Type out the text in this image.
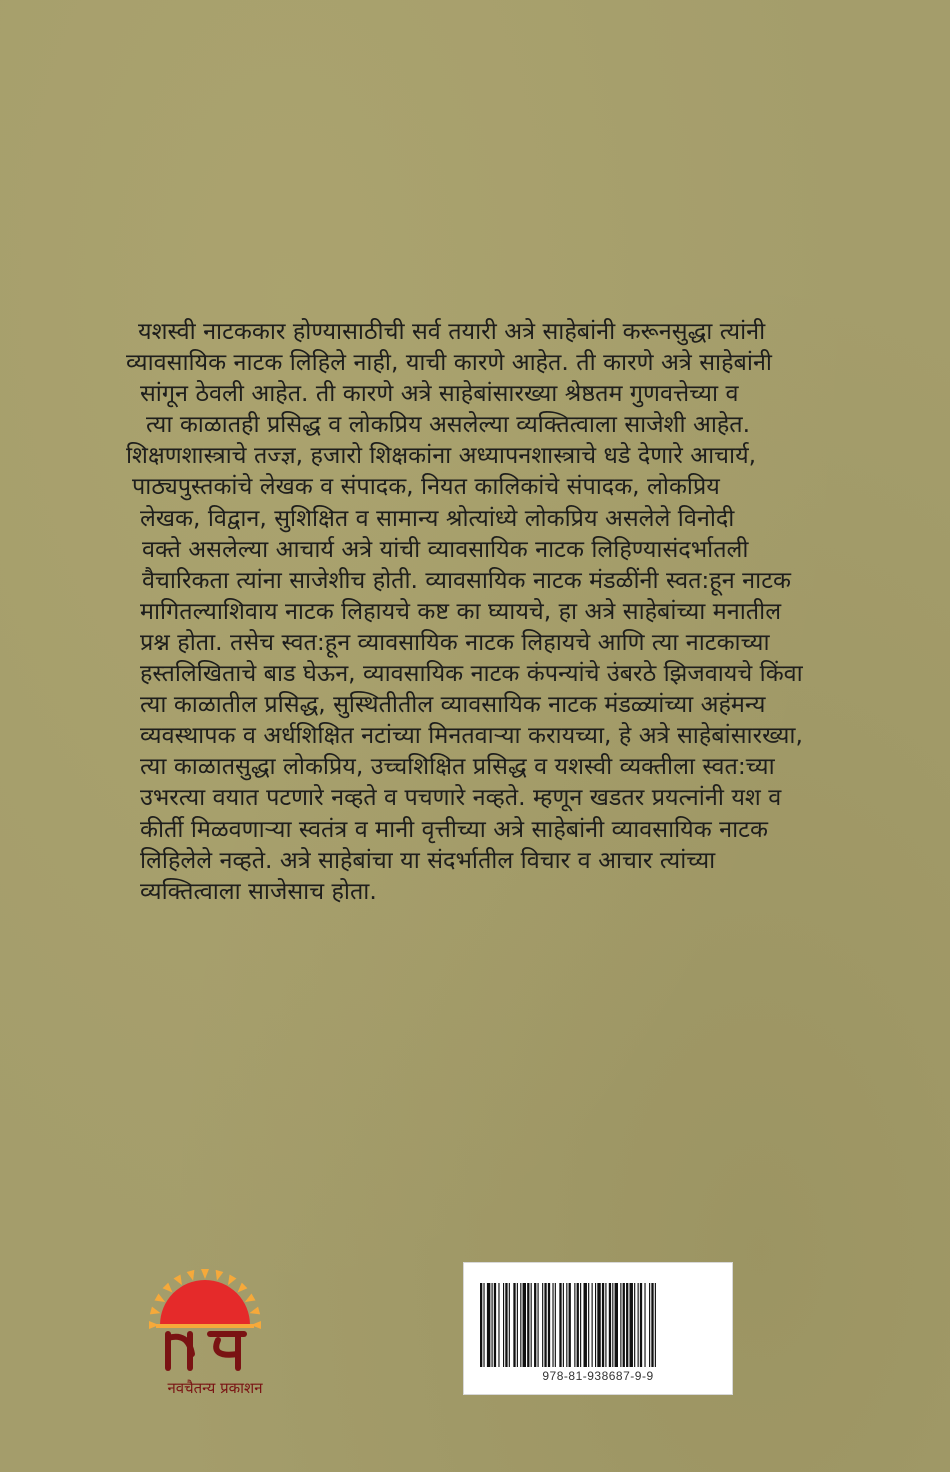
यशस्वी नाटककार होण्यासाठीची सर्व तयारी अत्रे साहेबांनी करूनसुद्धा त्यांनी
व्यावसायिक नाटक लिहिले नाही, याची कारणे आहेत. ती कारणे अत्रे साहेबांनी
सांगून ठेवली आहेत. ती कारणे अत्रे साहेबांसारख्या श्रेष्ठतम गुणवत्तेच्या व
त्या काळातही प्रसिद्ध व लोकप्रिय असलेल्या व्यक्तित्वाला साजेशी आहेत.
शिक्षणशास्त्राचे तज्ज्ञ, हजारो शिक्षकांना अध्यापनशास्त्राचे धडे देणारे आचार्य,
पाठ्यपुस्तकांचे लेखक व संपादक, नियत कालिकांचे संपादक, लोकप्रिय
लेखक, विद्वान, सुशिक्षित व सामान्य श्रोत्यांध्ये लोकप्रिय असलेले विनोदी
वक्ते असलेल्या आचार्य अत्रे यांची व्यावसायिक नाटक लिहिण्यासंदर्भातली
वैचारिकता त्यांना साजेशीच होती. व्यावसायिक नाटक मंडळींनी स्वत:हून नाटक
मागितल्याशिवाय नाटक लिहायचे कष्ट का घ्यायचे, हा अत्रे साहेबांच्या मनातील
प्रश्न होता. तसेच स्वत:हून व्यावसायिक नाटक लिहायचे आणि त्या नाटकाच्या
हस्तलिखिताचे बाड घेऊन, व्यावसायिक नाटक कंपन्यांचे उंबरठे झिजवायचे किंवा
त्या काळातील प्रसिद्ध, सुस्थितीतील व्यावसायिक नाटक मंडळ्यांच्या अहंमन्य
व्यवस्थापक व अर्धशिक्षित नटांच्या मिनतवाऱ्या करायच्या, हे अत्रे साहेबांसारख्या,
त्या काळातसुद्धा लोकप्रिय, उच्चशिक्षित प्रसिद्ध व यशस्वी व्यक्तीला स्वत:च्या
उभरत्या वयात पटणारे नव्हते व पचणारे नव्हते. म्हणून खडतर प्रयत्नांनी यश व
कीर्ती मिळवणाऱ्या स्वतंत्र व मानी वृत्तीच्या अत्रे साहेबांनी व्यावसायिक नाटक
लिहिलेले नव्हते. अत्रे साहेबांचा या संदर्भातील विचार व आचार त्यांच्या
व्यक्तित्वाला साजेसाच होता.
नवचैतन्य प्रकाशन
978-81-938687-9-9
